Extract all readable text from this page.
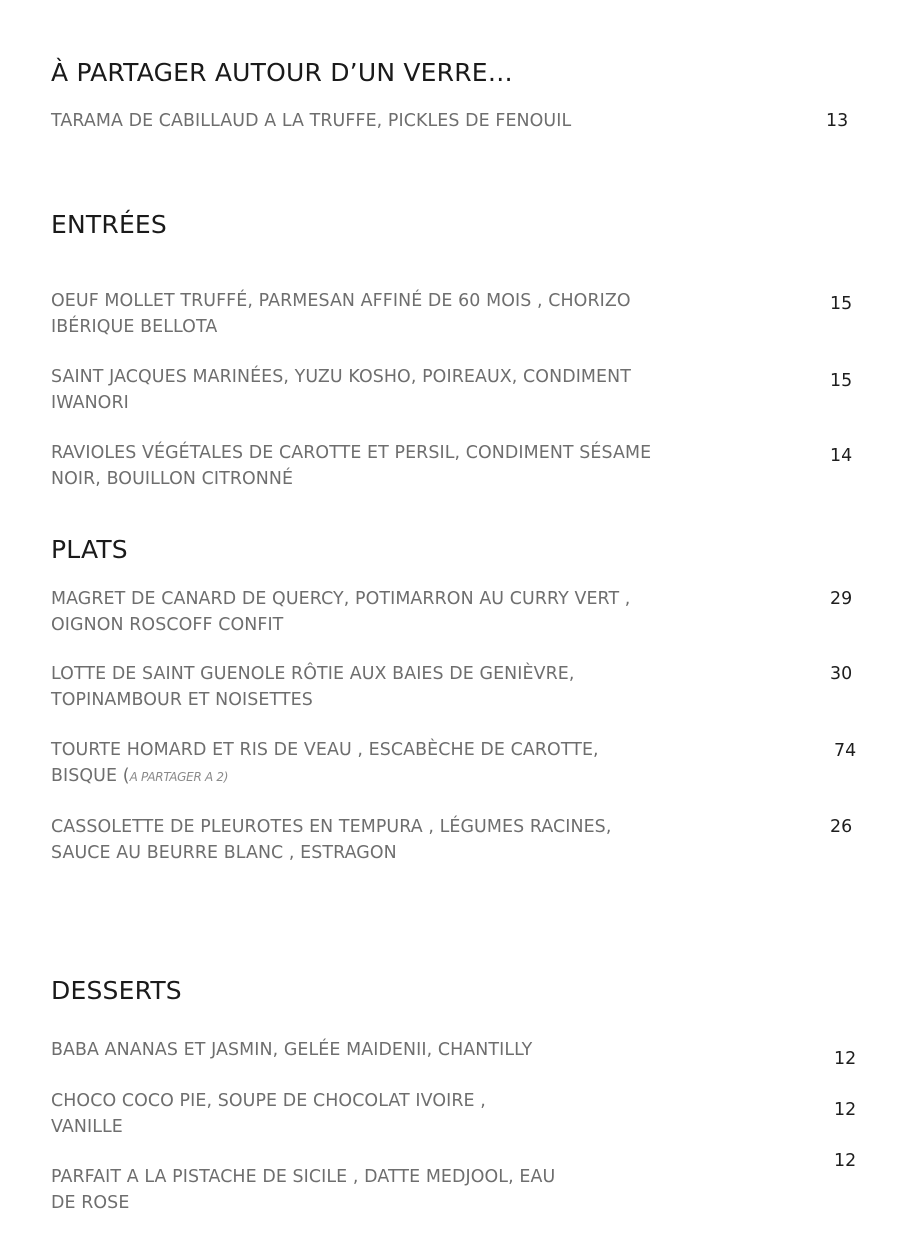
À PARTAGER AUTOUR D’UN VERRE…
TARAMA DE CABILLAUD A LA TRUFFE, PICKLES DE FENOUIL	13
ENTRÉES
OEUF MOLLET TRUFFÉ, PARMESAN AFFINÉ DE 60 MOIS , CHORIZO
IBÉRIQUE BELLOTA
15
SAINT JACQUES MARINÉES, YUZU KOSHO, POIREAUX, CONDIMENT
IWANORI
15
RAVIOLES VÉGÉTALES DE CAROTTE ET PERSIL, CONDIMENT SÉSAME
NOIR, BOUILLON CITRONNÉ
14
PLATS
MAGRET DE CANARD DE QUERCY, POTIMARRON AU CURRY VERT ,
OIGNON ROSCOFF CONFIT
29
LOTTE DE SAINT GUENOLE RÔTIE AUX BAIES DE GENIÈVRE,
TOPINAMBOUR ET NOISETTES
30
TOURTE HOMARD ET RIS DE VEAU , ESCABÈCHE DE CAROTTE,
BISQUE (A PARTAGER A 2)
74
CASSOLETTE DE PLEUROTES EN TEMPURA , LÉGUMES RACINES,
SAUCE AU BEURRE BLANC , ESTRAGON
26
DESSERTS
BABA ANANAS ET JASMIN, GELÉE MAIDENII, CHANTILLY	12
CHOCO COCO PIE, SOUPE DE CHOCOLAT IVOIRE ,
VANILLE
12
PARFAIT A LA PISTACHE DE SICILE , DATTE MEDJOOL, EAU
DE ROSE
12
